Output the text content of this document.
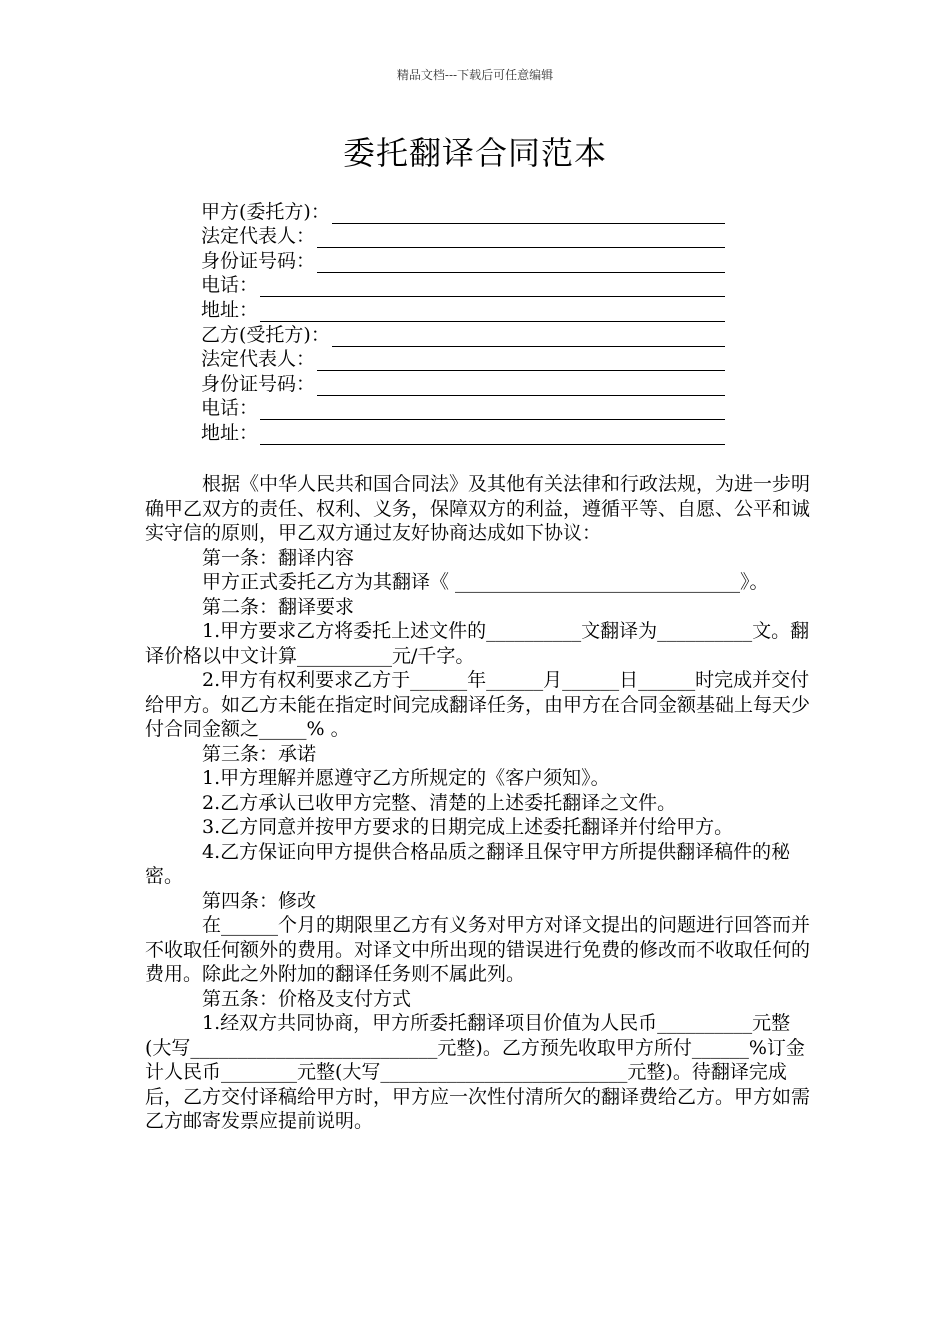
精品文档---下载后可任意编辑
委托翻译合同范本
甲方(委托方)：
法定代表人：
身份证号码：
电话：
地址：
乙方(受托方)：
法定代表人：
身份证号码：
电话：
地址：

根据《中华人民共和国合同法》及其他有关法律和行政法规，为进一步明确甲乙双方的责任、权利、义务，保障双方的利益，遵循平等、自愿、公平和诚实守信的原则，甲乙双方通过友好协商达成如下协议：

第一条：翻译内容

甲方正式委托乙方为其翻译《 ______________________________》。

第二条：翻译要求

1.甲方要求乙方将委托上述文件的__________文翻译为__________文。翻译价格以中文计算__________元/千字。

2.甲方有权利要求乙方于______年______月______日______时完成并交付给甲方。如乙方未能在指定时间完成翻译任务，由甲方在合同金额基础上每天少付合同金额之_____% 。

第三条：承诺

1.甲方理解并愿遵守乙方所规定的《客户须知》。

2.乙方承认已收甲方完整、清楚的上述委托翻译之文件。

3.乙方同意并按甲方要求的日期完成上述委托翻译并付给甲方。

4.乙方保证向甲方提供合格品质之翻译且保守甲方所提供翻译稿件的秘密。

第四条：修改

在______个月的期限里乙方有义务对甲方对译文提出的问题进行回答而并不收取任何额外的费用。对译文中所出现的错误进行免费的修改而不收取任何的费用。除此之外附加的翻译任务则不属此列。

第五条：价格及支付方式

1.经双方共同协商，甲方所委托翻译项目价值为人民币__________元整(大写__________________________元整)。乙方预先收取甲方所付______%订金计人民币________元整(大写__________________________元整)。待翻译完成后，乙方交付译稿给甲方时，甲方应一次性付清所欠的翻译费给乙方。甲方如需乙方邮寄发票应提前说明。
